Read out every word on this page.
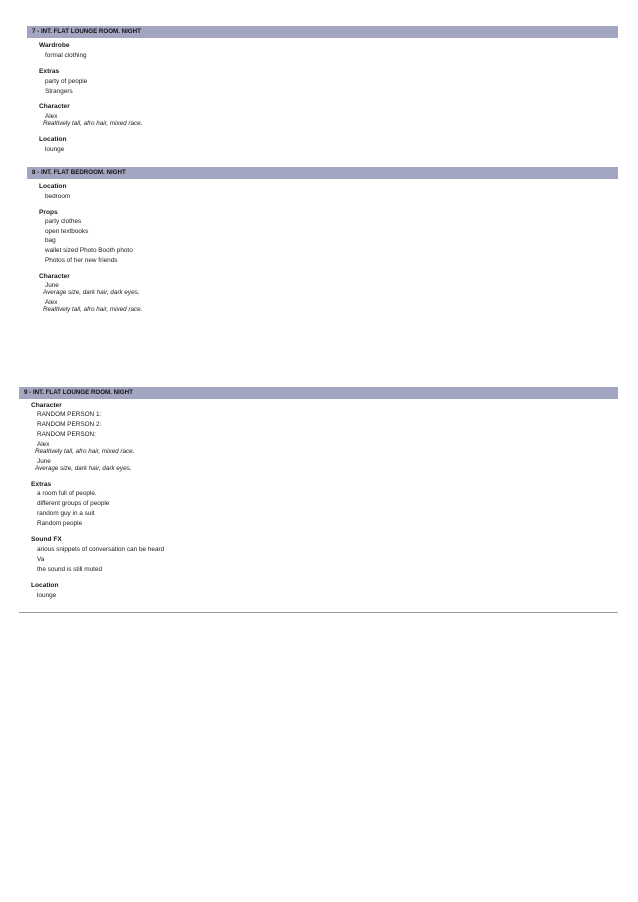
7 - INT. FLAT LOUNGE ROOM. NIGHT
Wardrobe
formal clothing
Extras
party of people
Strangers
Character
Alex
Realtively tall, afro hair, mixed race.
Location
lounge
8 - INT. FLAT BEDROOM. NIGHT
Location
bedroom
Props
party clothes
open textbooks
bag
wallet sized Photo Booth photo
Photos of her new friends
Character
June
Average size, dark hair, dark eyes,
Alex
Realtively tall, afro hair, mixed race.
9 - INT. FLAT LOUNGE ROOM. NIGHT
Character
RANDOM PERSON 1:
RANDOM PERSON 2:
RANDOM PERSON:
Alex
Realtively tall, afro hair, mixed race.
June
Average size, dark hair, dark eyes,
Extras
a room full of people.
different groups of people
random guy in a suit
Random people
Sound FX
arious snippets of conversation can be heard
Va
the sound is still muted
Location
lounge
